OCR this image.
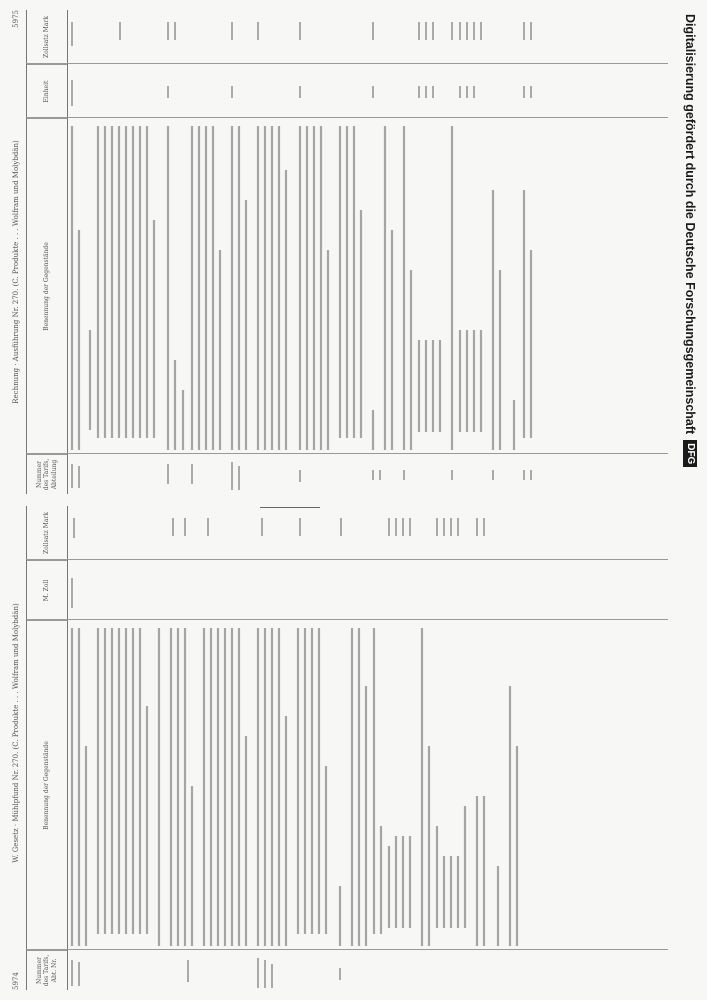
5974
W. Gesetz · Mühlpfund Nr. 270. (C. Produkte . . . Wolfram und Molybdän)
Nummer des Tarifs, Abt. Nr.
Benennung der Gegenstände
M. Zoll
Zollsatz Mark
Rechnung · Ausführung Nr. 270. (C. Produkte . . . Wolfram und Molybdän)
5975
Nummer des Tarifs, Abteilung
Benennung der Gegenstände
Einheit
Zollsatz Mark	Digitalisierung gefördert durch die Deutsche Forschungsgemeinschaft
DFG
